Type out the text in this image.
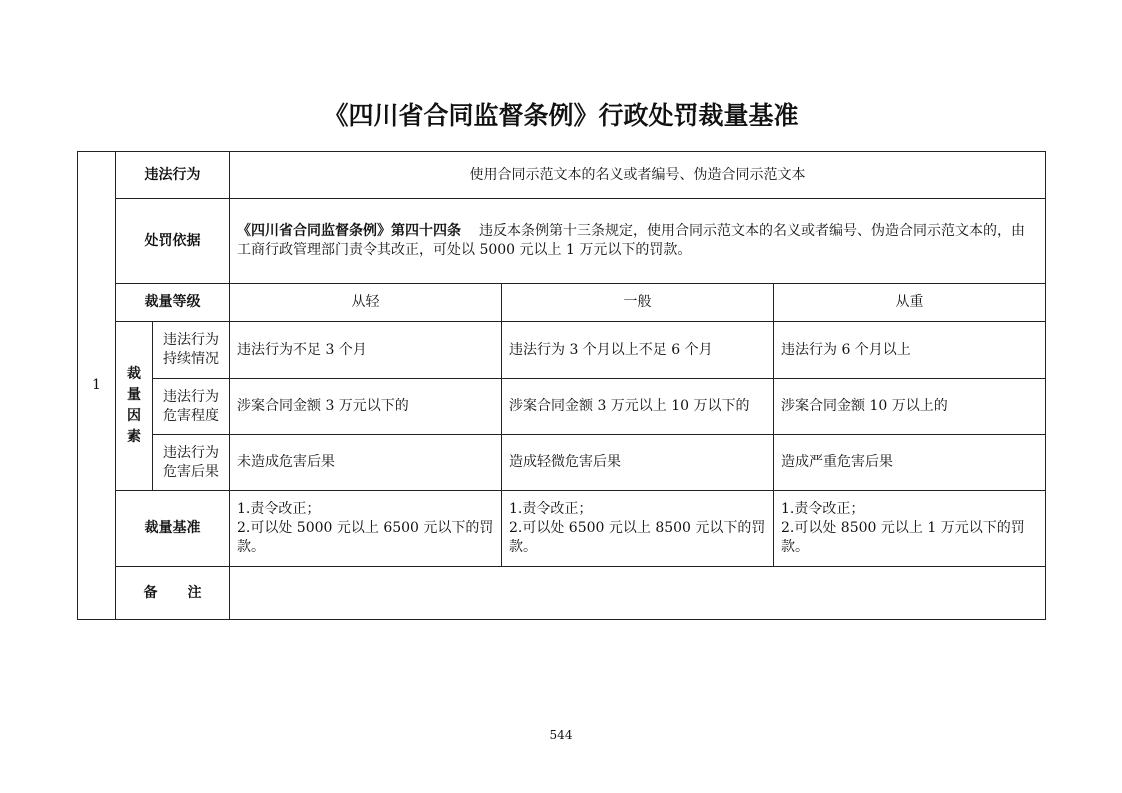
《四川省合同监督条例》行政处罚裁量基准
1	违法行为		使用合同示范文本的名义或者编号、伪造合同示范文本		
	处罚依据		《四川省合同监督条例》第四十四条 违反本条例第十三条规定，使用合同示范文本的名义或者编号、伪造合同示范文本的，由工商行政管理部门责令其改正，可处以 5000 元以上 1 万元以下的罚款。		
	裁量等级		从轻	一般	从重

	裁
量
因
素	违法行为持续情况	违法行为不足 3 个月	违法行为 3 个月以上不足 6 个月	违法行为 6 个月以上
		违法行为危害程度	涉案合同金额 3 万元以下的	涉案合同金额 3 万元以上 10 万以下的	涉案合同金额 10 万以上的
		违法行为危害后果	未造成危害后果	造成轻微危害后果	造成严重危害后果
	裁量基准		1.责令改正；
2.可以处 5000 元以上 6500 元以下的罚款。	1.责令改正；
2.可以处 6500 元以上 8500 元以下的罚款。	1.责令改正；
2.可以处 8500 元以上 1 万元以下的罚款。
	备 注				
544
